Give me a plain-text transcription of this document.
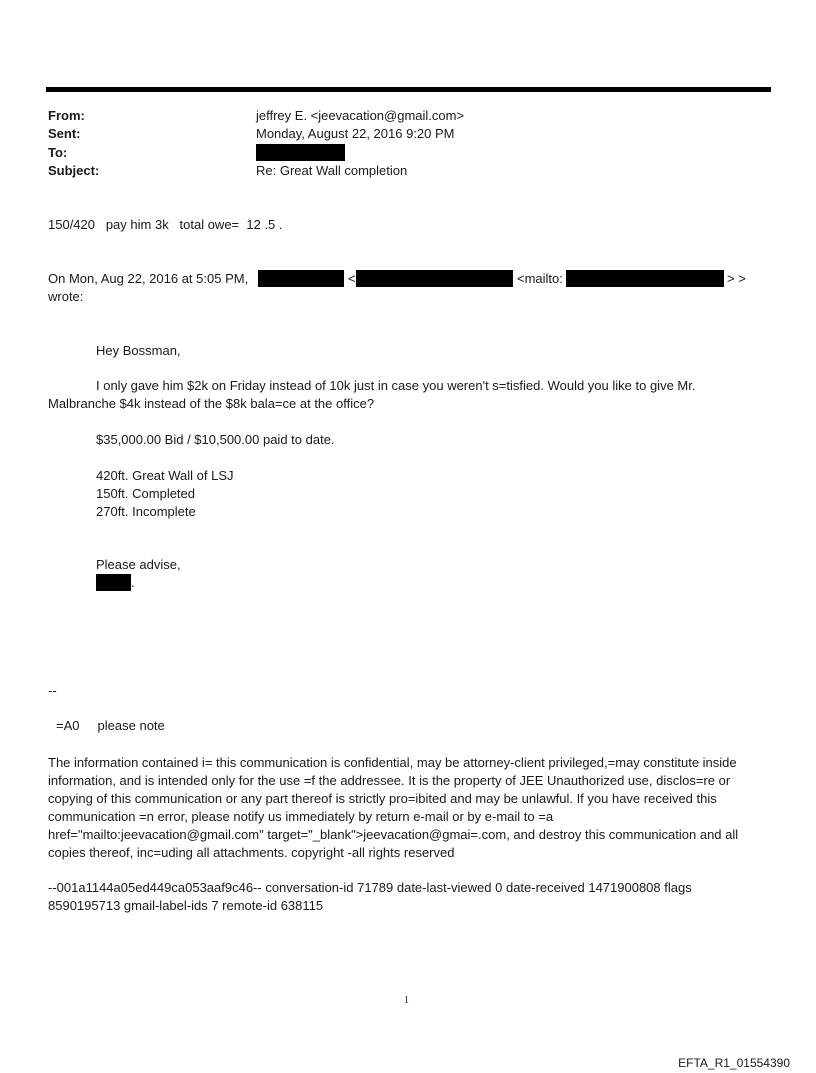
From:	jeffrey E. <jeevacation@gmail.com>
Sent:	Monday, August 22, 2016 9:20 PM
To:
Subject:	Re: Great Wall completion
150/420   pay him 3k   total owe=  12 .5 .
On Mon, Aug 22, 2016 at 5:05 PM,	<	<mailto:	> >
wrote:
Hey Bossman,
I only gave him $2k on Friday instead of 10k just in case you weren't s=tisfied. Would you like to give Mr.
Malbranche $4k instead of the $8k bala=ce at the office?
$35,000.00 Bid / $10,500.00 paid to date.
420ft. Great Wall of LSJ
150ft. Completed
270ft. Incomplete
Please advise,
.
--
=A0     please note
The information contained i= this communication is confidential, may be attorney-client privileged,=may constitute inside information, and is intended only for the use =f the addressee. It is the property of JEE Unauthorized use, disclos=re or copying of this communication or any part thereof is strictly pro=ibited and may be unlawful. If you have received this communication =n error, please notify us immediately by return e-mail or by e-mail to =a href="mailto:jeevacation@gmail.com" target="_blank">jeevacation@gmai=.com, and destroy this communication and all copies thereof, inc=uding all attachments. copyright -all rights reserved
--001a1144a05ed449ca053aaf9c46-- conversation-id 71789 date-last-viewed 0 date-received 1471900808 flags 8590195713 gmail-label-ids 7 remote-id 638115
1
EFTA_R1_01554390
